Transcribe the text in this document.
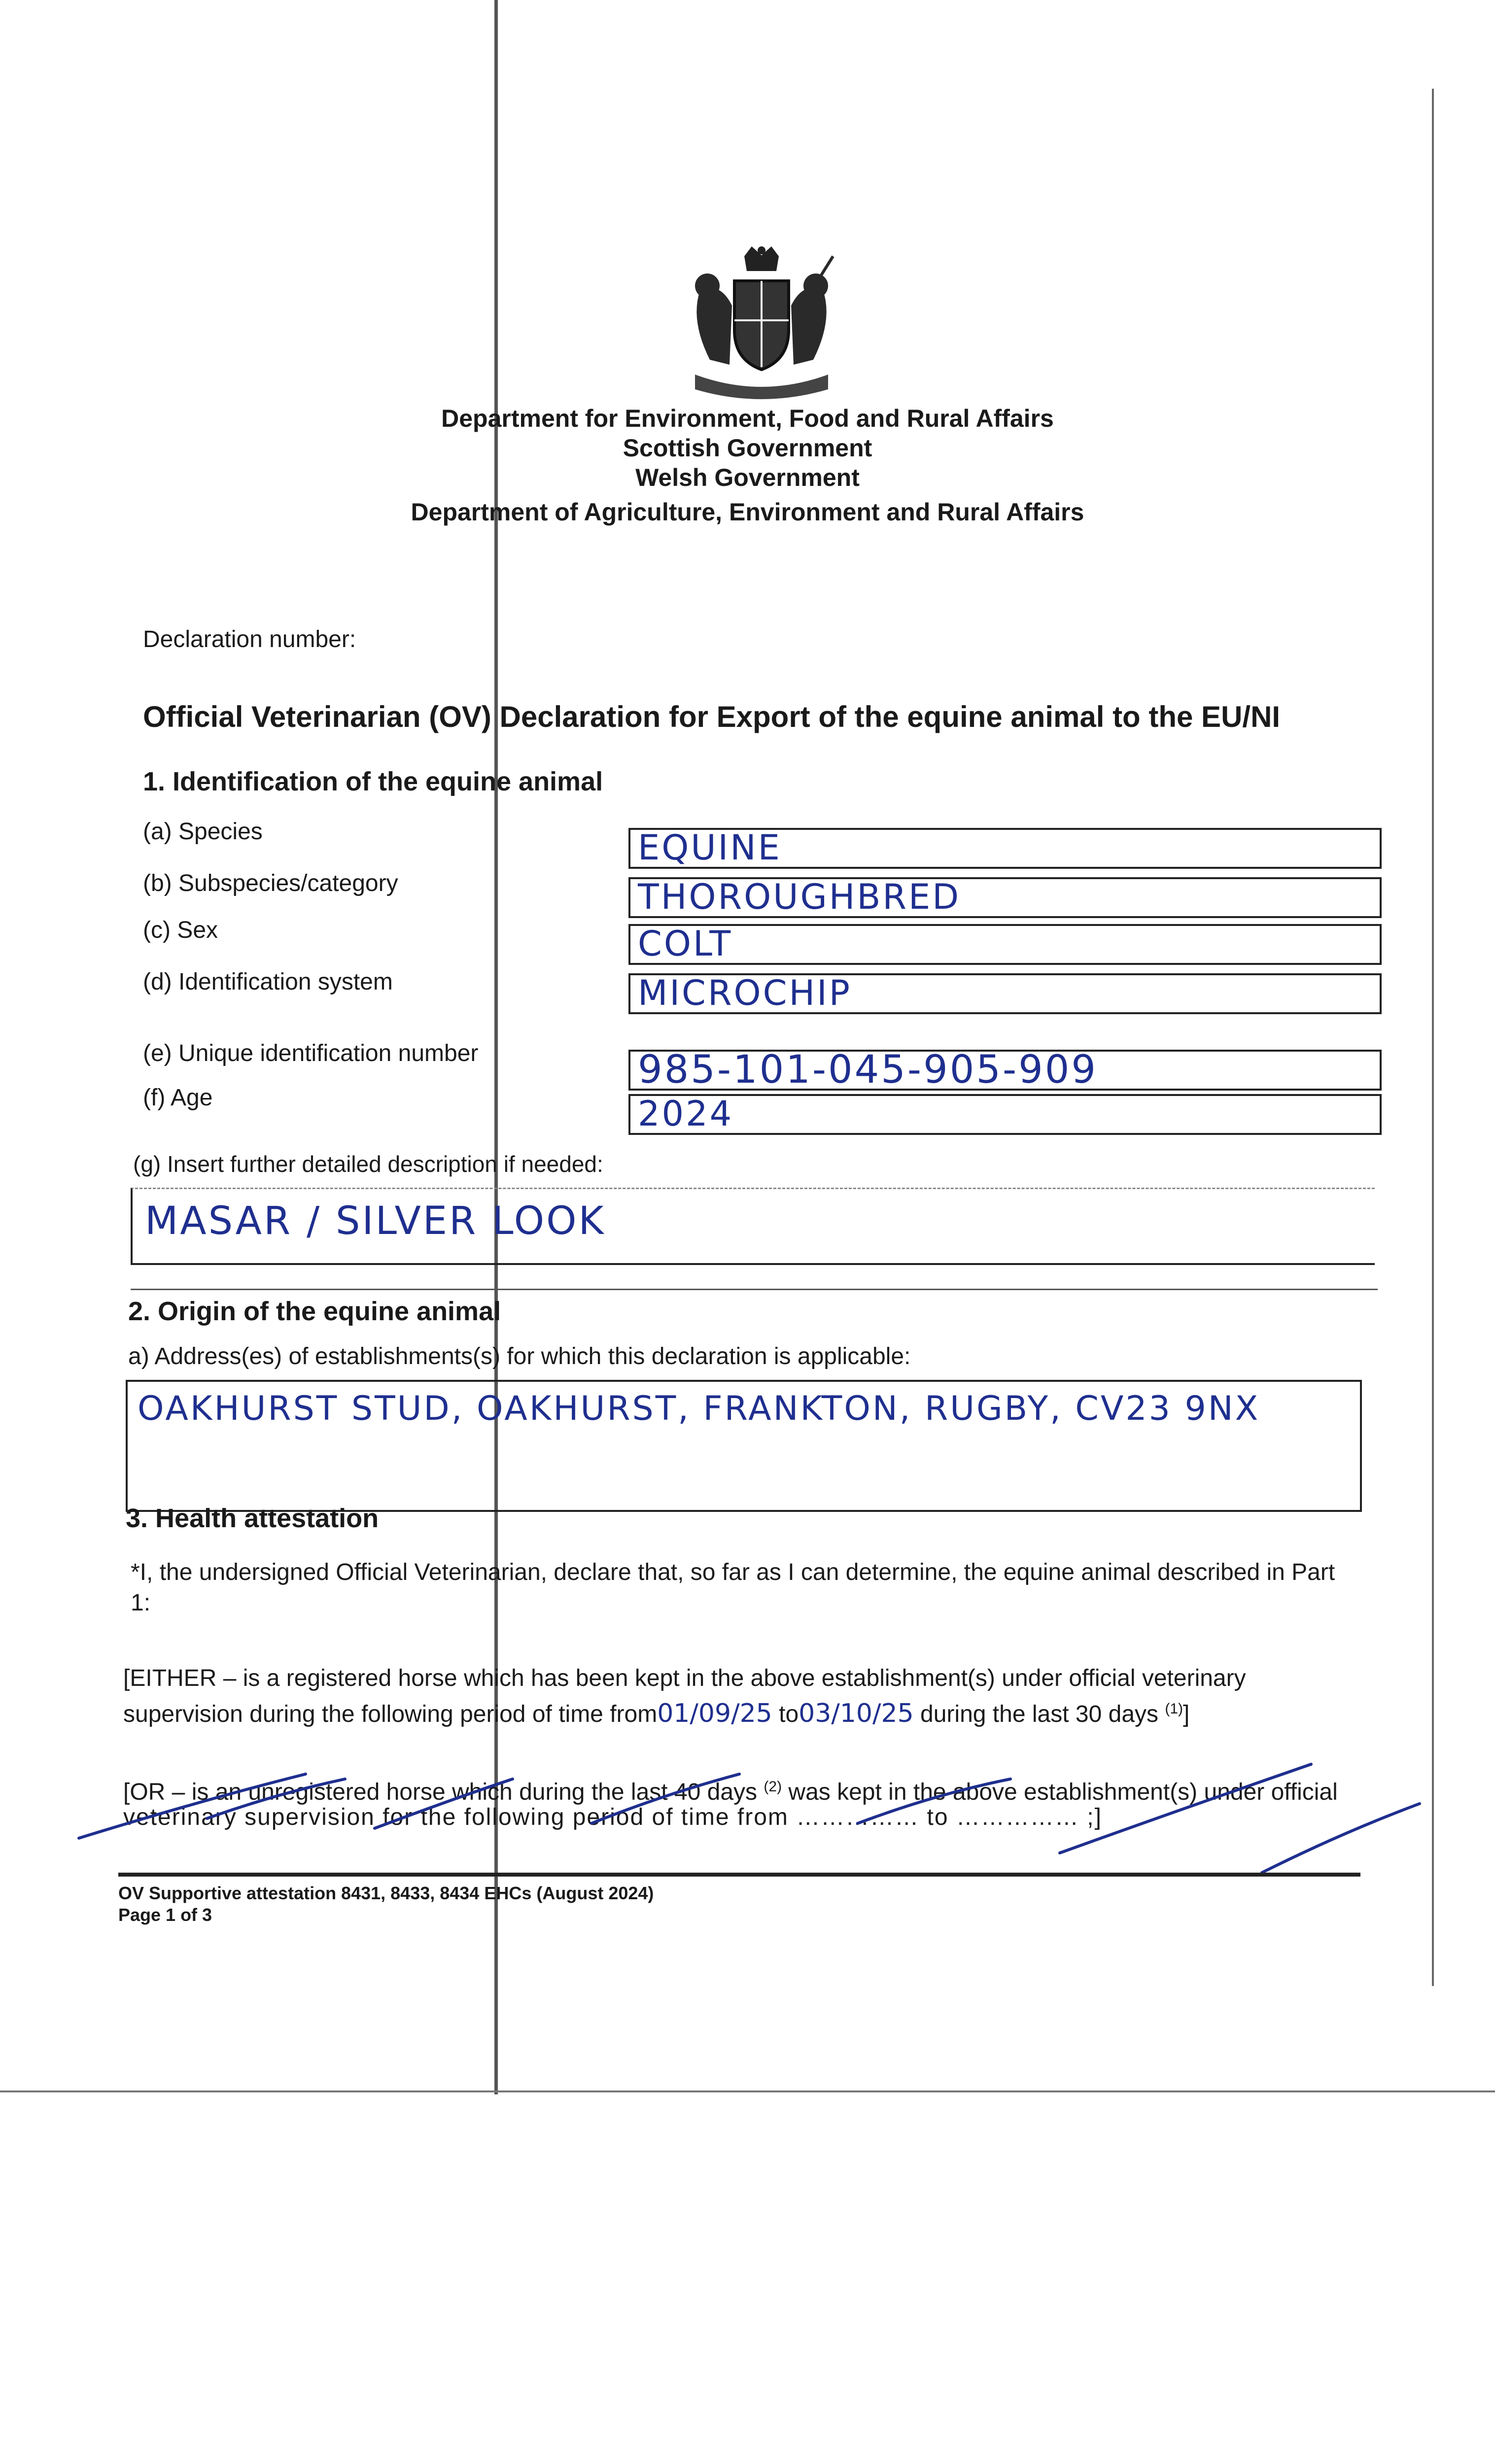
Department for Environment, Food and Rural Affairs
Scottish Government
Welsh Government
Department of Agriculture, Environment and Rural Affairs
Declaration number:
Official Veterinarian (OV) Declaration for Export of the equine animal to the EU/NI
1. Identification of the equine animal
(a) Species
(b) Subspecies/category
(c) Sex
(d) Identification system
(e) Unique identification number
(f) Age
EQUINE
THOROUGHBRED
COLT
MICROCHIP
985-101-045-905-909
2024
(g) Insert further detailed description if needed:
MASAR / SILVER LOOK
2. Origin of the equine animal
a) Address(es) of establishments(s) for which this declaration is applicable:
OAKHURST STUD, OAKHURST, FRANKTON, RUGBY, CV23 9NX
3. Health attestation
*I, the undersigned Official Veterinarian, declare that, so far as I can determine, the equine animal described in Part
1:
[EITHER – is a registered horse which has been kept in the above establishment(s) under official veterinary
supervision during the following period of time from01/09/25 to03/10/25 during the last 30 days $^{(1)}$]
[OR – is an unregistered horse which during the last 40 days $^{(2)}$ was kept in the above establishment(s) under official
veterinary supervision for the following period of time from …………… to …………… ;]
OV Supportive attestation 8431, 8433, 8434 EHCs (August 2024)
Page 1 of 3
